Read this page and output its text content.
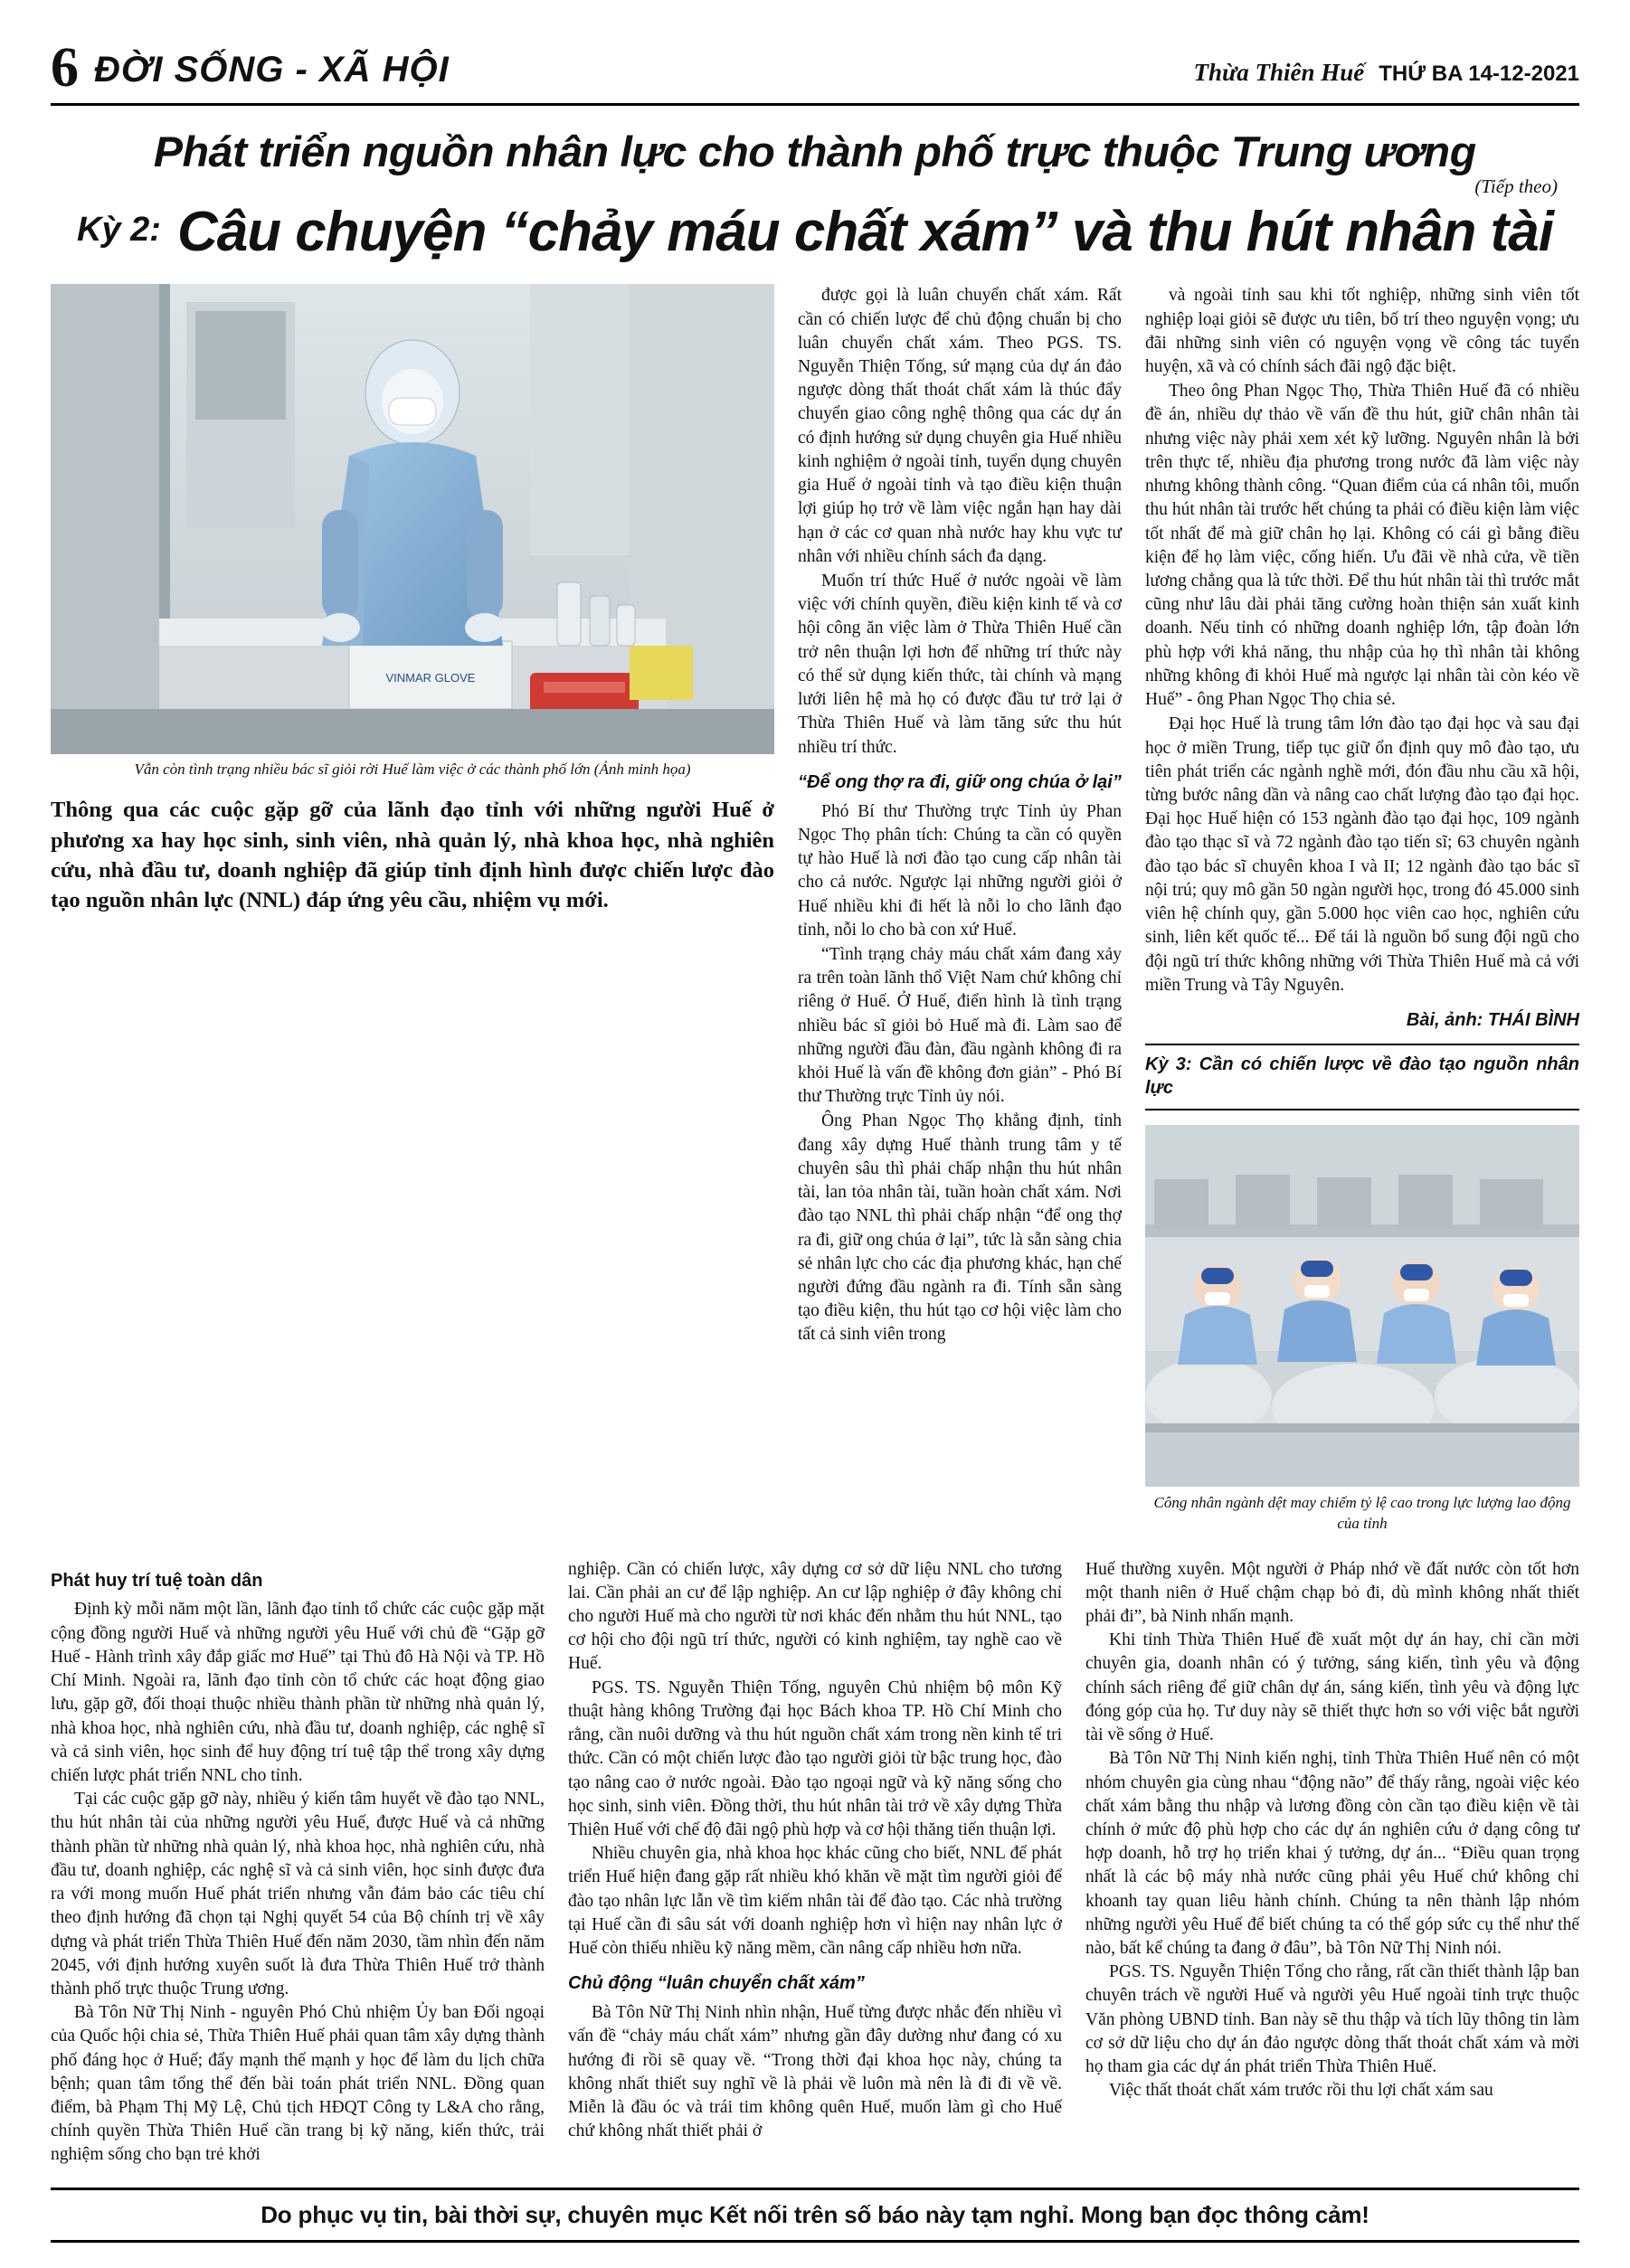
6 ĐỜI SỐNG - XÃ HỘI	Thừa Thiên Huế THỨ BA 14-12-2021
Phát triển nguồn nhân lực cho thành phố trực thuộc Trung ương
(Tiếp theo)
Kỳ 2: Câu chuyện “chảy máu chất xám” và thu hút nhân tài
VINMAR GLOVE
Vẫn còn tình trạng nhiều bác sĩ giỏi rời Huế làm việc ở các thành phố lớn (Ảnh minh họa)
Thông qua các cuộc gặp gỡ của lãnh đạo tỉnh với những người Huế ở phương xa hay học sinh, sinh viên, nhà quản lý, nhà khoa học, nhà nghiên cứu, nhà đầu tư, doanh nghiệp đã giúp tỉnh định hình được chiến lược đào tạo nguồn nhân lực (NNL) đáp ứng yêu cầu, nhiệm vụ mới.

được gọi là luân chuyển chất xám. Rất cần có chiến lược để chủ động chuẩn bị cho luân chuyển chất xám. Theo PGS. TS. Nguyễn Thiện Tống, sứ mạng của dự án đảo ngược dòng thất thoát chất xám là thúc đẩy chuyển giao công nghệ thông qua các dự án có định hướng sử dụng chuyên gia Huế nhiều kinh nghiệm ở ngoài tỉnh, tuyển dụng chuyên gia Huế ở ngoài tỉnh và tạo điều kiện thuận lợi giúp họ trở về làm việc ngắn hạn hay dài hạn ở các cơ quan nhà nước hay khu vực tư nhân với nhiều chính sách đa dạng.

Muốn trí thức Huế ở nước ngoài về làm việc với chính quyền, điều kiện kinh tế và cơ hội công ăn việc làm ở Thừa Thiên Huế cần trở nên thuận lợi hơn để những trí thức này có thể sử dụng kiến thức, tài chính và mạng lưới liên hệ mà họ có được đầu tư trở lại ở Thừa Thiên Huế và làm tăng sức thu hút nhiều trí thức.

“Để ong thợ ra đi, giữ ong chúa ở lại”

Phó Bí thư Thường trực Tỉnh ủy Phan Ngọc Thọ phân tích: Chúng ta cần có quyền tự hào Huế là nơi đào tạo cung cấp nhân tài cho cả nước. Ngược lại những người giỏi ở Huế nhiều khi đi hết là nỗi lo cho lãnh đạo tỉnh, nỗi lo cho bà con xứ Huế.

“Tình trạng chảy máu chất xám đang xảy ra trên toàn lãnh thổ Việt Nam chứ không chỉ riêng ở Huế. Ở Huế, điển hình là tình trạng nhiều bác sĩ giỏi bỏ Huế mà đi. Làm sao để những người đầu đàn, đầu ngành không đi ra khỏi Huế là vấn đề không đơn giản” - Phó Bí thư Thường trực Tỉnh ủy nói.

Ông Phan Ngọc Thọ khẳng định, tỉnh đang xây dựng Huế thành trung tâm y tế chuyên sâu thì phải chấp nhận thu hút nhân tài, lan tỏa nhân tài, tuần hoàn chất xám. Nơi đào tạo NNL thì phải chấp nhận “để ong thợ ra đi, giữ ong chúa ở lại”, tức là sẵn sàng chia sẻ nhân lực cho các địa phương khác, hạn chế người đứng đầu ngành ra đi. Tính sẵn sàng tạo điều kiện, thu hút tạo cơ hội việc làm cho tất cả sinh viên trong

và ngoài tỉnh sau khi tốt nghiệp, những sinh viên tốt nghiệp loại giỏi sẽ được ưu tiên, bố trí theo nguyện vọng; ưu đãi những sinh viên có nguyện vọng về công tác tuyển huyện, xã và có chính sách đãi ngộ đặc biệt.

Theo ông Phan Ngọc Thọ, Thừa Thiên Huế đã có nhiều đề án, nhiều dự thảo về vấn đề thu hút, giữ chân nhân tài nhưng việc này phải xem xét kỹ lưỡng. Nguyên nhân là bởi trên thực tế, nhiều địa phương trong nước đã làm việc này nhưng không thành công. “Quan điểm của cá nhân tôi, muốn thu hút nhân tài trước hết chúng ta phải có điều kiện làm việc tốt nhất để mà giữ chân họ lại. Không có cái gì bằng điều kiện để họ làm việc, cống hiến. Ưu đãi về nhà cửa, về tiền lương chẳng qua là tức thời. Để thu hút nhân tài thì trước mắt cũng như lâu dài phải tăng cường hoàn thiện sản xuất kinh doanh. Nếu tỉnh có những doanh nghiệp lớn, tập đoàn lớn phù hợp với khả năng, thu nhập của họ thì nhân tài không những không đi khỏi Huế mà ngược lại nhân tài còn kéo về Huế” - ông Phan Ngọc Thọ chia sẻ.

Đại học Huế là trung tâm lớn đào tạo đại học và sau đại học ở miền Trung, tiếp tục giữ ổn định quy mô đào tạo, ưu tiên phát triển các ngành nghề mới, đón đầu nhu cầu xã hội, từng bước nâng dần và nâng cao chất lượng đào tạo đại học. Đại học Huế hiện có 153 ngành đào tạo đại học, 109 ngành đào tạo thạc sĩ và 72 ngành đào tạo tiến sĩ; 63 chuyên ngành đào tạo bác sĩ chuyên khoa I và II; 12 ngành đào tạo bác sĩ nội trú; quy mô gần 50 ngàn người học, trong đó 45.000 sinh viên hệ chính quy, gần 5.000 học viên cao học, nghiên cứu sinh, liên kết quốc tế... Để tái là nguồn bổ sung đội ngũ cho đội ngũ trí thức không những với Thừa Thiên Huế mà cả với miền Trung và Tây Nguyên.

Bài, ảnh: THÁI BÌNH
Kỳ 3: Cần có chiến lược về đào tạo nguồn nhân lực
Công nhân ngành dệt may chiếm tỷ lệ cao trong lực lượng lao động của tỉnh
Phát huy trí tuệ toàn dân

Định kỳ mỗi năm một lần, lãnh đạo tỉnh tổ chức các cuộc gặp mặt cộng đồng người Huế và những người yêu Huế với chủ đề “Gặp gỡ Huế - Hành trình xây đắp giấc mơ Huế” tại Thủ đô Hà Nội và TP. Hồ Chí Minh. Ngoài ra, lãnh đạo tỉnh còn tổ chức các hoạt động giao lưu, gặp gỡ, đối thoại thuộc nhiều thành phần từ những nhà quản lý, nhà khoa học, nhà nghiên cứu, nhà đầu tư, doanh nghiệp, các nghệ sĩ và cả sinh viên, học sinh để huy động trí tuệ tập thể trong xây dựng chiến lược phát triển NNL cho tỉnh.

Tại các cuộc gặp gỡ này, nhiều ý kiến tâm huyết về đào tạo NNL, thu hút nhân tài của những người yêu Huế, được Huế và cả những thành phần từ những nhà quản lý, nhà khoa học, nhà nghiên cứu, nhà đầu tư, doanh nghiệp, các nghệ sĩ và cả sinh viên, học sinh được đưa ra với mong muốn Huế phát triển nhưng vẫn đảm bảo các tiêu chí theo định hướng đã chọn tại Nghị quyết 54 của Bộ chính trị về xây dựng và phát triển Thừa Thiên Huế đến năm 2030, tầm nhìn đến năm 2045, với định hướng xuyên suốt là đưa Thừa Thiên Huế trở thành thành phố trực thuộc Trung ương.

Bà Tôn Nữ Thị Ninh - nguyên Phó Chủ nhiệm Ủy ban Đối ngoại của Quốc hội chia sẻ, Thừa Thiên Huế phải quan tâm xây dựng thành phố đáng học ở Huế; đẩy mạnh thế mạnh y học để làm du lịch chữa bệnh; quan tâm tổng thể đến bài toán phát triển NNL. Đồng quan điểm, bà Phạm Thị Mỹ Lệ, Chủ tịch HĐQT Công ty L&A cho rằng, chính quyền Thừa Thiên Huế cần trang bị kỹ năng, kiến thức, trải nghiệm sống cho bạn trẻ khởi

nghiệp. Cần có chiến lược, xây dựng cơ sở dữ liệu NNL cho tương lai. Cần phải an cư để lập nghiệp. An cư lập nghiệp ở đây không chỉ cho người Huế mà cho người từ nơi khác đến nhằm thu hút NNL, tạo cơ hội cho đội ngũ trí thức, người có kinh nghiệm, tay nghề cao về Huế.

PGS. TS. Nguyễn Thiện Tống, nguyên Chủ nhiệm bộ môn Kỹ thuật hàng không Trường đại học Bách khoa TP. Hồ Chí Minh cho rằng, cần nuôi dưỡng và thu hút nguồn chất xám trong nền kinh tế tri thức. Cần có một chiến lược đào tạo người giỏi từ bậc trung học, đào tạo nâng cao ở nước ngoài. Đào tạo ngoại ngữ và kỹ năng sống cho học sinh, sinh viên. Đồng thời, thu hút nhân tài trở về xây dựng Thừa Thiên Huế với chế độ đãi ngộ phù hợp và cơ hội thăng tiến thuận lợi.

Nhiều chuyên gia, nhà khoa học khác cũng cho biết, NNL để phát triển Huế hiện đang gặp rất nhiều khó khăn về mặt tìm người giỏi để đào tạo nhân lực lẫn về tìm kiếm nhân tài để đào tạo. Các nhà trường tại Huế cần đi sâu sát với doanh nghiệp hơn vì hiện nay nhân lực ở Huế còn thiếu nhiều kỹ năng mềm, cần nâng cấp nhiều hơn nữa.

Chủ động “luân chuyển chất xám”

Bà Tôn Nữ Thị Ninh nhìn nhận, Huế từng được nhắc đến nhiều vì vấn đề “chảy máu chất xám” nhưng gần đây dường như đang có xu hướng đi rồi sẽ quay về. “Trong thời đại khoa học này, chúng ta không nhất thiết suy nghĩ về là phải về luôn mà nên là đi đi về về. Miễn là đầu óc và trái tim không quên Huế, muốn làm gì cho Huế chứ không nhất thiết phải ở

Huế thường xuyên. Một người ở Pháp nhớ về đất nước còn tốt hơn một thanh niên ở Huế chậm chạp bỏ đi, dù mình không nhất thiết phải đi”, bà Ninh nhấn mạnh.

Khi tỉnh Thừa Thiên Huế đề xuất một dự án hay, chỉ cần mời chuyên gia, doanh nhân có ý tưởng, sáng kiến, tình yêu và động chính sách riêng để giữ chân dự án, sáng kiến, tình yêu và động lực đóng góp của họ. Tư duy này sẽ thiết thực hơn so với việc bắt người tài về sống ở Huế.

Bà Tôn Nữ Thị Ninh kiến nghị, tỉnh Thừa Thiên Huế nên có một nhóm chuyên gia cùng nhau “động não” để thấy rằng, ngoài việc kéo chất xám bằng thu nhập và lương đồng còn cần tạo điều kiện về tài chính ở mức độ phù hợp cho các dự án nghiên cứu ở dạng công tư hợp doanh, hỗ trợ họ triển khai ý tưởng, dự án... “Điều quan trọng nhất là các bộ máy nhà nước cũng phải yêu Huế chứ không chỉ khoanh tay quan liêu hành chính. Chúng ta nên thành lập nhóm những người yêu Huế để biết chúng ta có thể góp sức cụ thể như thế nào, bất kể chúng ta đang ở đâu”, bà Tôn Nữ Thị Ninh nói.

PGS. TS. Nguyễn Thiện Tống cho rằng, rất cần thiết thành lập ban chuyên trách về người Huế và người yêu Huế ngoài tỉnh trực thuộc Văn phòng UBND tỉnh. Ban này sẽ thu thập và tích lũy thông tin làm cơ sở dữ liệu cho dự án đảo ngược dòng thất thoát chất xám và mời họ tham gia các dự án phát triển Thừa Thiên Huế.

Việc thất thoát chất xám trước rồi thu lợi chất xám sau

Do phục vụ tin, bài thời sự, chuyên mục Kết nối trên số báo này tạm nghỉ. Mong bạn đọc thông cảm!
